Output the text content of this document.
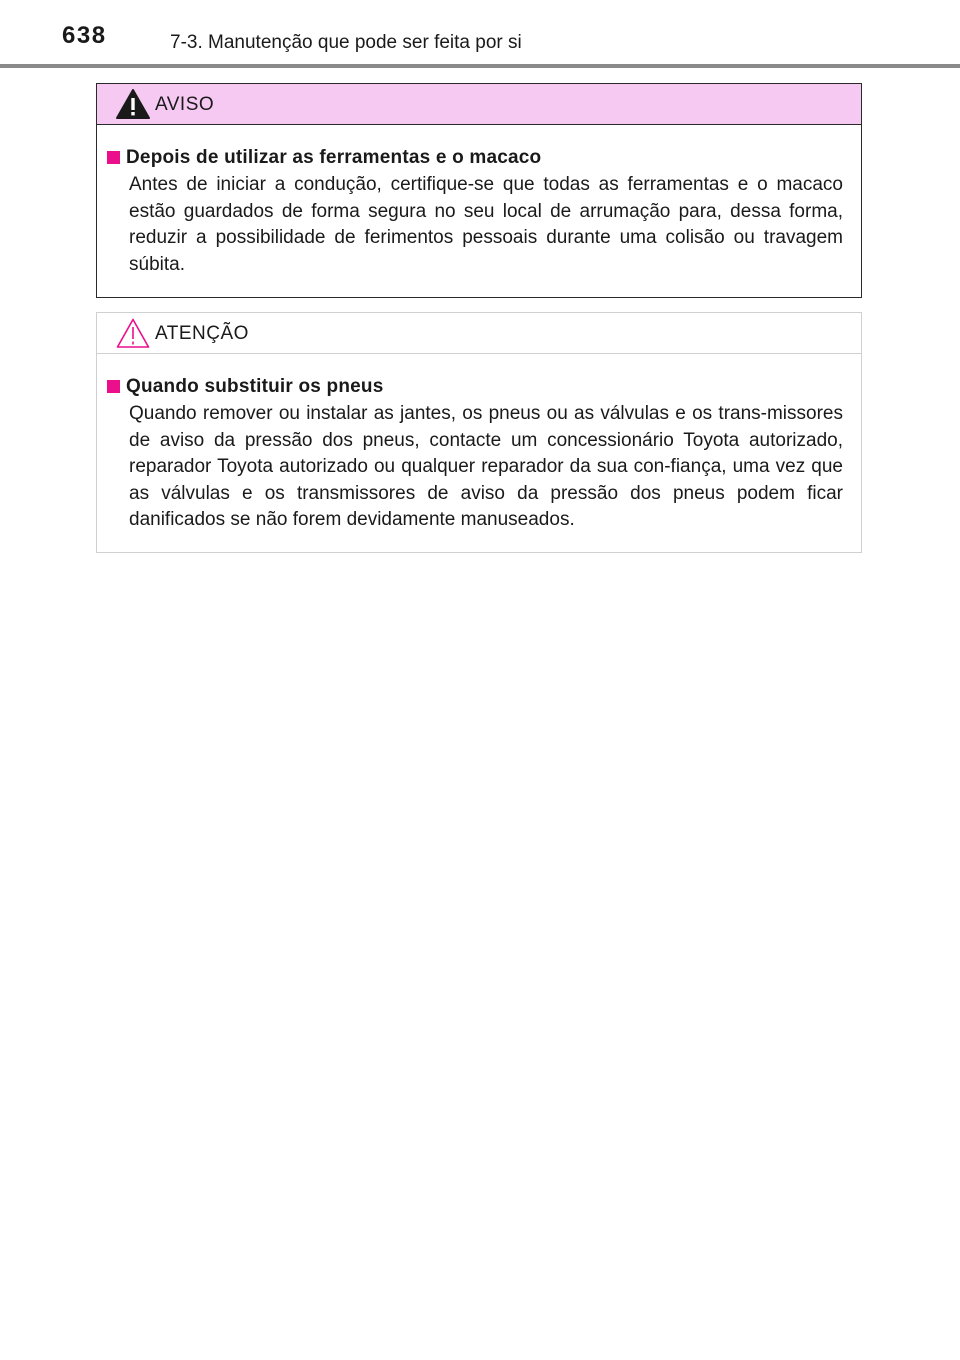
638	7-3. Manutenção que pode ser feita por si
AVISO
Depois de utilizar as ferramentas e o macaco

Antes de iniciar a condução, certifique-se que todas as ferramentas e o macaco estão guardados de forma segura no seu local de arrumação para, dessa forma, reduzir a possibilidade de ferimentos pessoais durante uma colisão ou travagem súbita.

ATENÇÃO
Quando substituir os pneus

Quando remover ou instalar as jantes, os pneus ou as válvulas e os trans-missores de aviso da pressão dos pneus, contacte um concessionário Toyota autorizado, reparador Toyota autorizado ou qualquer reparador da sua con-fiança, uma vez que as válvulas e os transmissores de aviso da pressão dos pneus podem ficar danificados se não forem devidamente manuseados.
